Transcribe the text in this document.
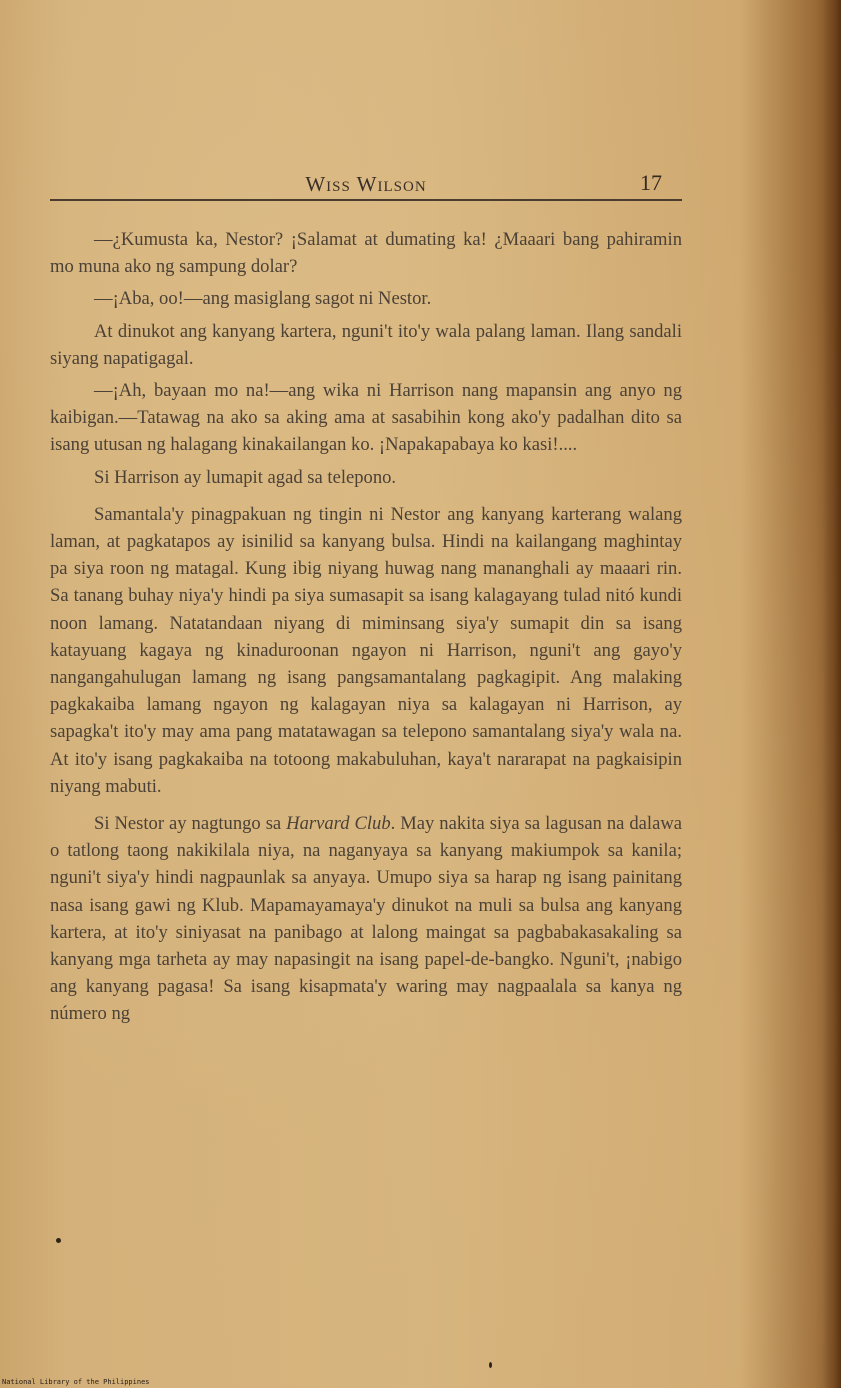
Wiss Wilson	17

—¿Kumusta ka, Nestor? ¡Salamat at dumating ka! ¿Maaari bang pahiramin mo muna ako ng sampung dolar?

—¡Aba, oo!—ang masiglang sagot ni Nestor.

At dinukot ang kanyang kartera, nguni't ito'y wala palang laman. Ilang sandali siyang napatigagal.

—¡Ah, bayaan mo na!—ang wika ni Harrison nang mapansin ang anyo ng kaibigan.—Tatawag na ako sa aking ama at sasabihin kong ako'y padalhan dito sa isang utusan ng halagang kinakailangan ko. ¡Napakapabaya ko kasi!....

Si Harrison ay lumapit agad sa telepono.

Samantala'y pinagpakuan ng tingin ni Nestor ang kanyang karterang walang laman, at pagkatapos ay isinilid sa kanyang bulsa. Hindi na kailangang maghintay pa siya roon ng matagal. Kung ibig niyang huwag nang mananghali ay maaari rin. Sa tanang buhay niya'y hindi pa siya sumasapit sa isang kalagayang tulad nitó kundi noon lamang. Natatandaan niyang di miminsang siya'y sumapit din sa isang katayuang kagaya ng kinaduroonan ngayon ni Harrison, nguni't ang gayo'y nangangahulugan lamang ng isang pangsamantalang pagkagipit. Ang malaking pagkakaiba lamang ngayon ng kalagayan niya sa kalagayan ni Harrison, ay sapagka't ito'y may ama pang matatawagan sa telepono samantalang siya'y wala na. At ito'y isang pagkakaiba na totoong makabuluhan, kaya't nararapat na pagkaisipin niyang mabuti.

Si Nestor ay nagtungo sa Harvard Club. May nakita siya sa lagusan na dalawa o tatlong taong nakikilala niya, na naganyaya sa kanyang makiumpok sa kanila; nguni't siya'y hindi nagpaunlak sa anyaya. Umupo siya sa harap ng isang painitang nasa isang gawi ng Klub. Mapamayamaya'y dinukot na muli sa bulsa ang kanyang kartera, at ito'y siniyasat na panibago at lalong maingat sa pagbabakasakaling sa kanyang mga tarheta ay may napasingit na isang papel-de-bangko. Nguni't, ¡nabigo ang kanyang pagasa! Sa isang kisapmata'y waring may nagpaalala sa kanya ng número ng

National Library of the Philippines
